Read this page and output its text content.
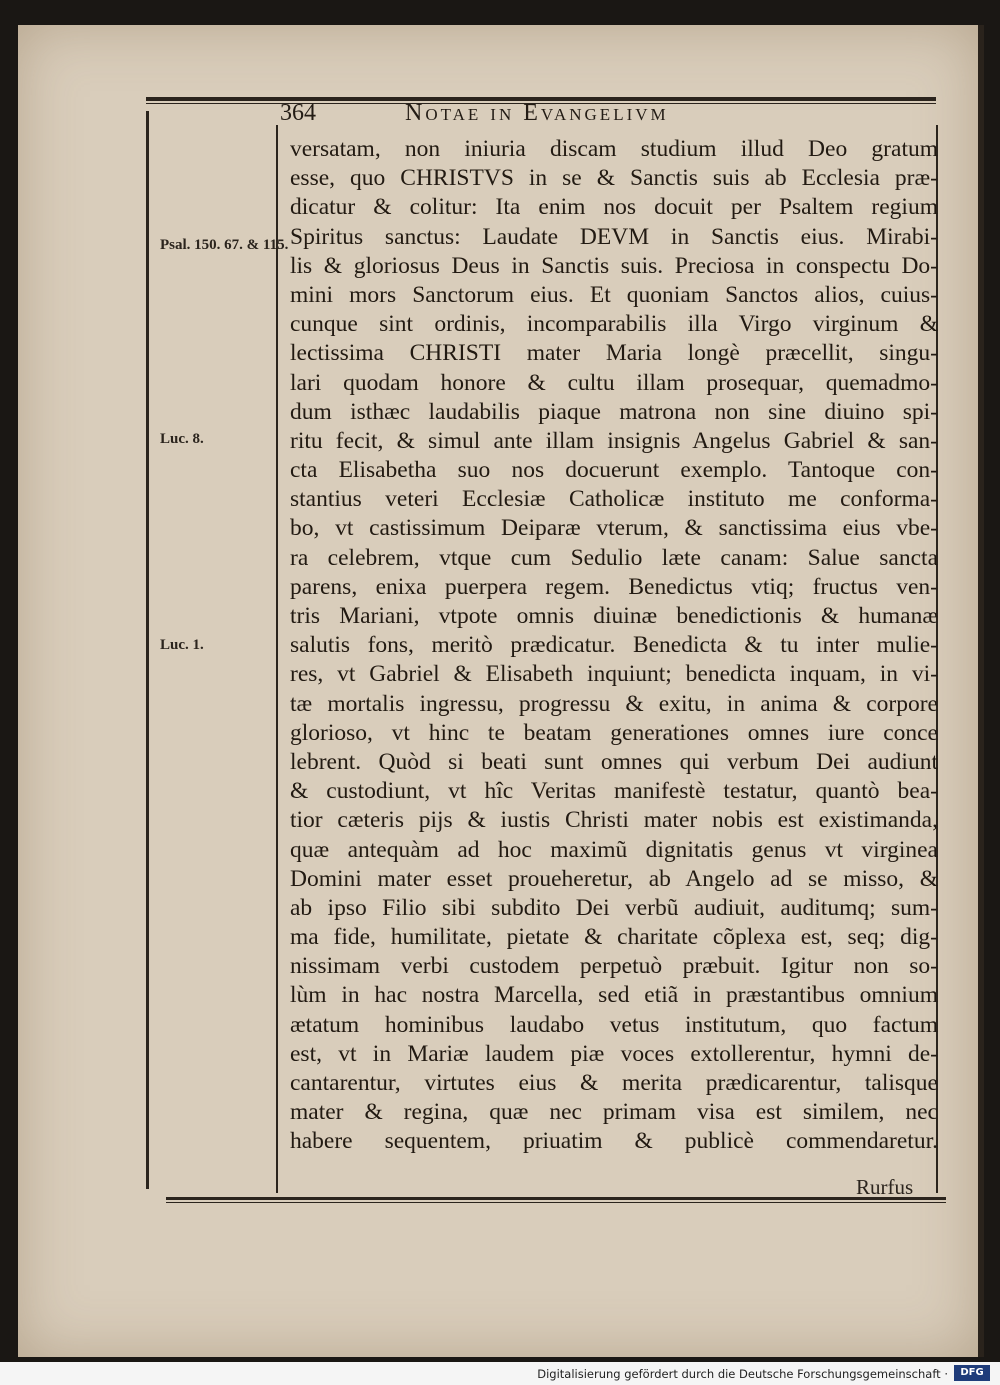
364	Notae in Evangelivm
Psal. 150. 67. & 115.
Luc. 8.
Luc. 1.
versatam, non iniuria discam studium illud Deo gratum
esse, quo CHRISTVS in se & Sanctis suis ab Ecclesia præ-
dicatur & colitur: Ita enim nos docuit per Psaltem regium
Spiritus sanctus: Laudate DEVM in Sanctis eius. Mirabi-
lis & gloriosus Deus in Sanctis suis. Preciosa in conspectu Do-
mini mors Sanctorum eius. Et quoniam Sanctos alios, cuius-
cunque sint ordinis, incomparabilis illa Virgo virginum &
lectissima CHRISTI mater Maria longè præcellit, singu-
lari quodam honore & cultu illam prosequar, quemadmo-
dum isthæc laudabilis piaque matrona non sine diuino spi-
ritu fecit, & simul ante illam insignis Angelus Gabriel & san-
cta Elisabetha suo nos docuerunt exemplo. Tantoque con-
stantius veteri Ecclesiæ Catholicæ instituto me conforma-
bo, vt castissimum Deiparæ vterum, & sanctissima eius vbe-
ra celebrem, vtque cum Sedulio læte canam: Salue sancta
parens, enixa puerpera regem. Benedictus vtiq; fructus ven-
tris Mariani, vtpote omnis diuinæ benedictionis & humanæ
salutis fons, meritò prædicatur. Benedicta & tu inter mulie-
res, vt Gabriel & Elisabeth inquiunt; benedicta inquam, in vi-
tæ mortalis ingressu, progressu & exitu, in anima & corpore
glorioso, vt hinc te beatam generationes omnes iure conce
lebrent. Quòd si beati sunt omnes qui verbum Dei audiunt
& custodiunt, vt hîc Veritas manifestè testatur, quantò bea-
tior cæteris pijs & iustis Christi mater nobis est existimanda,
quæ antequàm ad hoc maximũ dignitatis genus vt virginea
Domini mater esset proueheretur, ab Angelo ad se misso, &
ab ipso Filio sibi subdito Dei verbũ audiuit, auditumq; sum-
ma fide, humilitate, pietate & charitate cõplexa est, seq; dig-
nissimam verbi custodem perpetuò præbuit. Igitur non so-
lùm in hac nostra Marcella, sed etiã in præstantibus omnium
ætatum hominibus laudabo vetus institutum, quo factum
est, vt in Mariæ laudem piæ voces extollerentur, hymni de-
cantarentur, virtutes eius & merita prædicarentur, talisque
mater & regina, quæ nec primam visa est similem, nec
habere sequentem, priuatim & publicè commendaretur.
Rurfus
Digitalisierung gefördert durch die Deutsche Forschungsgemeinschaft ·	DFG
